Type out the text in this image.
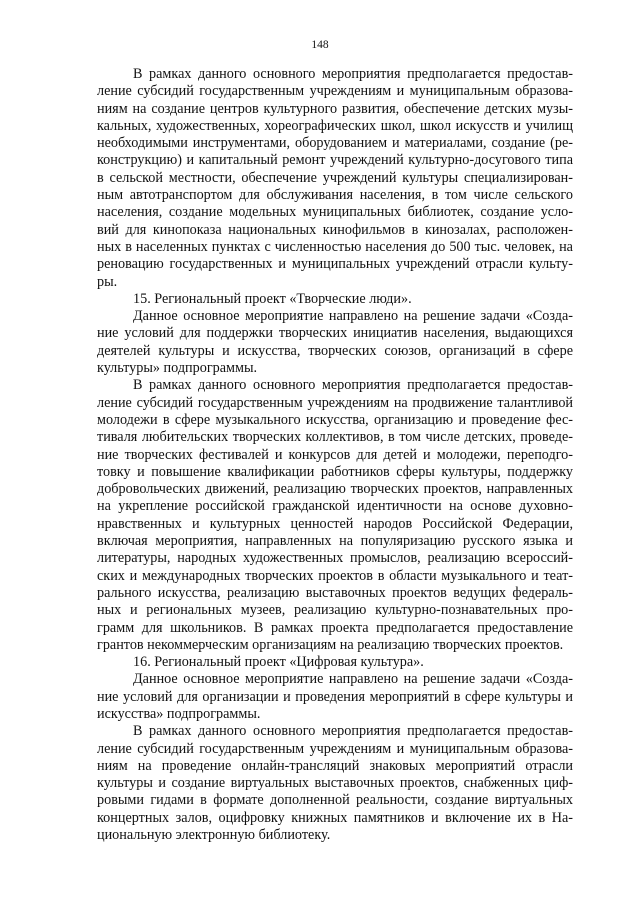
148
В рамках данного основного мероприятия предполагается предостав-
ление субсидий государственным учреждениям и муниципальным образова-
ниям на создание центров культурного развития, обеспечение детских музы-
кальных, художественных, хореографических школ, школ искусств и училищ
необходимыми инструментами, оборудованием и материалами, создание (ре-
конструкцию) и капитальный ремонт учреждений культурно-досугового типа
в сельской местности, обеспечение учреждений культуры специализирован-
ным автотранспортом для обслуживания населения, в том числе сельского
населения, создание модельных муниципальных библиотек, создание усло-
вий для кинопоказа национальных кинофильмов в кинозалах, расположен-
ных в населенных пунктах с численностью населения до 500 тыс. человек, на
реновацию государственных и муниципальных учреждений отрасли культу-
ры.
15. Региональный проект «Творческие люди».
Данное основное мероприятие направлено на решение задачи «Созда-
ние условий для поддержки творческих инициатив населения, выдающихся
деятелей культуры и искусства, творческих союзов, организаций в сфере
культуры» подпрограммы.
В рамках данного основного мероприятия предполагается предостав-
ление субсидий государственным учреждениям на продвижение талантливой
молодежи в сфере музыкального искусства, организацию и проведение фес-
тиваля любительских творческих коллективов, в том числе детских, проведе-
ние творческих фестивалей и конкурсов для детей и молодежи, переподго-
товку и повышение квалификации работников сферы культуры, поддержку
добровольческих движений, реализацию творческих проектов, направленных
на укрепление российской гражданской идентичности на основе духовно-
нравственных и культурных ценностей народов Российской Федерации,
включая мероприятия, направленных на популяризацию русского языка и
литературы, народных художественных промыслов, реализацию всероссий-
ских и международных творческих проектов в области музыкального и теат-
рального искусства, реализацию выставочных проектов ведущих федераль-
ных и региональных музеев, реализацию культурно-познавательных про-
грамм для школьников. В рамках проекта предполагается предоставление
грантов некоммерческим организациям на реализацию творческих проектов.
16. Региональный проект «Цифровая культура».
Данное основное мероприятие направлено на решение задачи «Созда-
ние условий для организации и проведения мероприятий в сфере культуры и
искусства» подпрограммы.
В рамках данного основного мероприятия предполагается предостав-
ление субсидий государственным учреждениям и муниципальным образова-
ниям на проведение онлайн-трансляций знаковых мероприятий отрасли
культуры и создание виртуальных выставочных проектов, снабженных циф-
ровыми гидами в формате дополненной реальности, создание виртуальных
концертных залов, оцифровку книжных памятников и включение их в На-
циональную электронную библиотеку.
